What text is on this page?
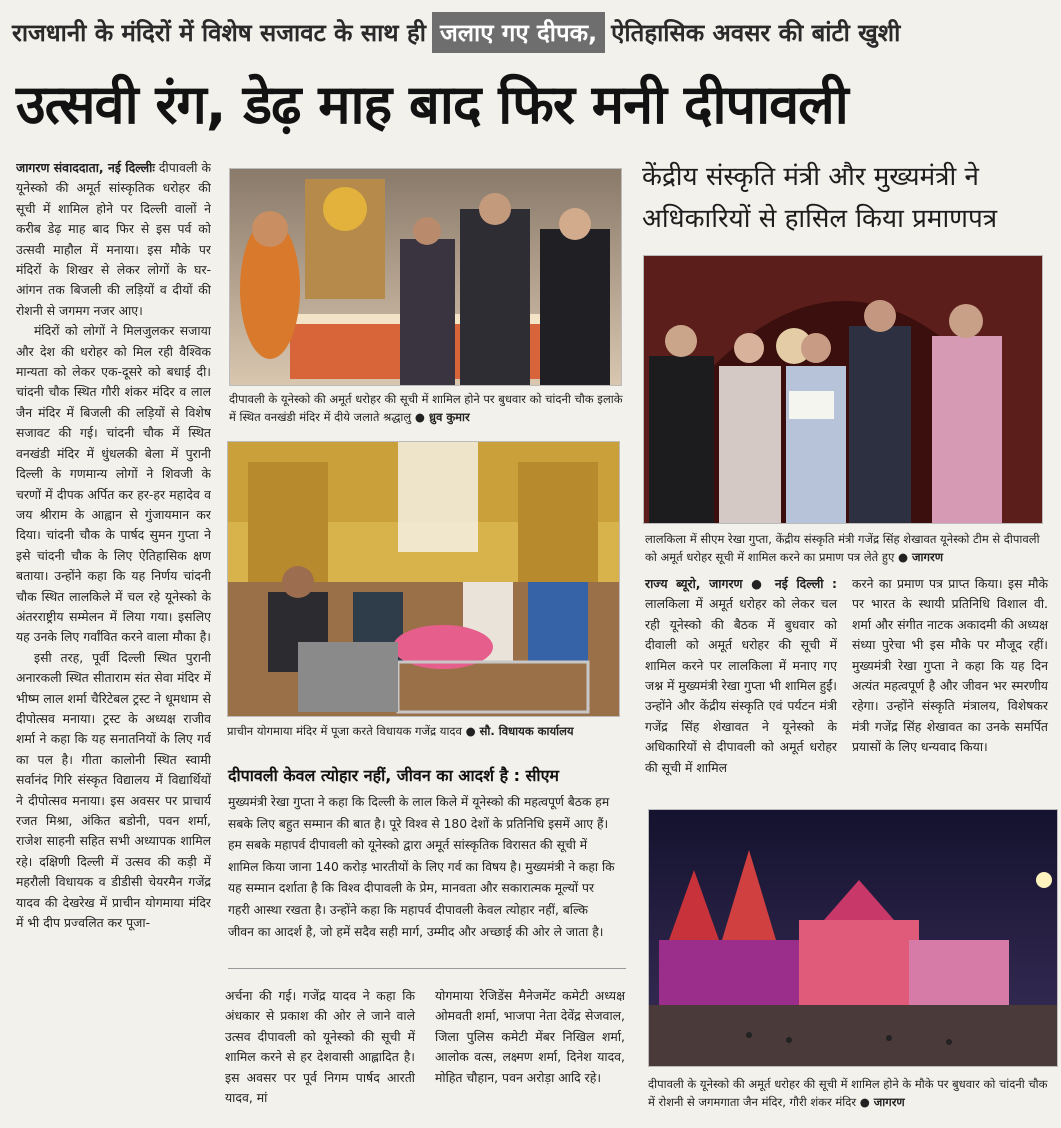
राजधानी के मंदिरों में विशेष सजावट के साथ ही जलाए गए दीपक, ऐतिहासिक अवसर की बांटी खुशी
उत्सवी रंग, डेढ़ माह बाद फिर मनी दीपावली

जागरण संवाददाता, नई दिल्लीः दीपावली के यूनेस्को की अमूर्त सांस्कृतिक धरोहर की सूची में शामिल होने पर दिल्ली वालों ने करीब डेढ़ माह बाद फिर से इस पर्व को उत्सवी माहौल में मनाया। इस मौके पर मंदिरों के शिखर से लेकर लोगों के घर-आंगन तक बिजली की लड़ियों व दीयों की रोशनी से जगमग नजर आए।

मंदिरों को लोगों ने मिलजुलकर सजाया और देश की धरोहर को मिल रही वैश्विक मान्यता को लेकर एक-दूसरे को बधाई दी। चांदनी चौक स्थित गौरी शंकर मंदिर व लाल जैन मंदिर में बिजली की लड़ियों से विशेष सजावट की गई। चांदनी चौक में स्थित वनखंडी मंदिर में धुंधलकी बेला में पुरानी दिल्ली के गणमान्य लोगों ने शिवजी के चरणों में दीपक अर्पित कर हर-हर महादेव व जय श्रीराम के आह्वान से गुंजायमान कर दिया। चांदनी चौक के पार्षद सुमन गुप्ता ने इसे चांदनी चौक के लिए ऐतिहासिक क्षण बताया। उन्होंने कहा कि यह निर्णय चांदनी चौक स्थित लालकिले में चल रहे यूनेस्को के अंतरराष्ट्रीय सम्मेलन में लिया गया। इसलिए यह उनके लिए गर्वांवित करने वाला मौका है।

इसी तरह, पूर्वी दिल्ली स्थित पुरानी अनारकली स्थित सीताराम संत सेवा मंदिर में भीष्म लाल शर्मा चैरिटेबल ट्रस्ट ने धूमधाम से दीपोत्सव मनाया। ट्रस्ट के अध्यक्ष राजीव शर्मा ने कहा कि यह सनातनियों के लिए गर्व का पल है। गीता कालोनी स्थित स्वामी सर्वानंद गिरि संस्कृत विद्यालय में विद्यार्थियों ने दीपोत्सव मनाया। इस अवसर पर प्राचार्य रजत मिश्रा, अंकित बडोनी, पवन शर्मा, राजेश साहनी सहित सभी अध्यापक शामिल रहे। दक्षिणी दिल्ली में उत्सव की कड़ी में महरौली विधायक व डीडीसी चेयरमैन गजेंद्र यादव की देखरेख में प्राचीन योगमाया मंदिर में भी दीप प्रज्वलित कर पूजा-

दीपावली के यूनेस्को की अमूर्त धरोहर की सूची में शामिल होने पर बुधवार को चांदनी चौक इलाके में स्थित वनखंडी मंदिर में दीये जलाते श्रद्धालु ● ध्रुव कुमार
प्राचीन योगमाया मंदिर में पूजा करते विधायक गजेंद्र यादव ● सौ. विधायक कार्यालय
दीपावली केवल त्योहार नहीं, जीवन का आदर्श है : सीएम
मुख्यमंत्री रेखा गुप्ता ने कहा कि दिल्ली के लाल किले में यूनेस्को की महत्वपूर्ण बैठक हम सबके लिए बहुत सम्मान की बात है। पूरे विश्व से 180 देशों के प्रतिनिधि इसमें आए हैं। हम सबके महापर्व दीपावली को यूनेस्को द्वारा अमूर्त सांस्कृतिक विरासत की सूची में शामिल किया जाना 140 करोड़ भारतीयों के लिए गर्व का विषय है। मुख्यमंत्री ने कहा कि यह सम्मान दर्शाता है कि विश्व दीपावली के प्रेम, मानवता और सकारात्मक मूल्यों पर गहरी आस्था रखता है। उन्होंने कहा कि महापर्व दीपावली केवल त्योहार नहीं, बल्कि जीवन का आदर्श है, जो हमें सदैव सही मार्ग, उम्मीद और अच्छाई की ओर ले जाता है।
अर्चना की गई। गजेंद्र यादव ने कहा कि अंधकार से प्रकाश की ओर ले जाने वाले उत्सव दीपावली को यूनेस्को की सूची में शामिल करने से हर देशवासी आह्लादित है। इस अवसर पर पूर्व निगम पार्षद आरती यादव, मां
योगमाया रेजिडेंस मैनेजमेंट कमेटी अध्यक्ष ओमवती शर्मा, भाजपा नेता देवेंद्र सेजवाल, जिला पुलिस कमेटी मेंबर निखिल शर्मा, आलोक वत्स, लक्ष्मण शर्मा, दिनेश यादव, मोहित चौहान, पवन अरोड़ा आदि रहे।
केंद्रीय संस्कृति मंत्री और मुख्यमंत्री ने अधिकारियों से हासिल किया प्रमाणपत्र
लालकिला में सीएम रेखा गुप्ता, केंद्रीय संस्कृति मंत्री गजेंद्र सिंह शेखावत यूनेस्को टीम से दीपावली को अमूर्त धरोहर सूची में शामिल करने का प्रमाण पत्र लेते हुए ● जागरण
राज्य ब्यूरो, जागरण ● नई दिल्ली : लालकिला में अमूर्त धरोहर को लेकर चल रही यूनेस्को की बैठक में बुधवार को दीवाली को अमूर्त धरोहर की सूची में शामिल करने पर लालकिला में मनाए गए जश्न में मुख्यमंत्री रेखा गुप्ता भी शामिल हुईं। उन्होंने और केंद्रीय संस्कृति एवं पर्यटन मंत्री गजेंद्र सिंह शेखावत ने यूनेस्को के अधिकारियों से दीपावली को अमूर्त धरोहर की सूची में शामिल
करने का प्रमाण पत्र प्राप्त किया। इस मौके पर भारत के स्थायी प्रतिनिधि विशाल वी. शर्मा और संगीत नाटक अकादमी की अध्यक्ष संध्या पुरेचा भी इस मौके पर मौजूद रहीं। मुख्यमंत्री रेखा गुप्ता ने कहा कि यह दिन अत्यंत महत्वपूर्ण है और जीवन भर स्मरणीय रहेगा। उन्होंने संस्कृति मंत्रालय, विशेषकर मंत्री गजेंद्र सिंह शेखावत का उनके समर्पित प्रयासों के लिए धन्यवाद किया।
दीपावली के यूनेस्को की अमूर्त धरोहर की सूची में शामिल होने के मौके पर बुधवार को चांदनी चौक में रोशनी से जगमगाता जैन मंदिर, गौरी शंकर मंदिर ● जागरण
